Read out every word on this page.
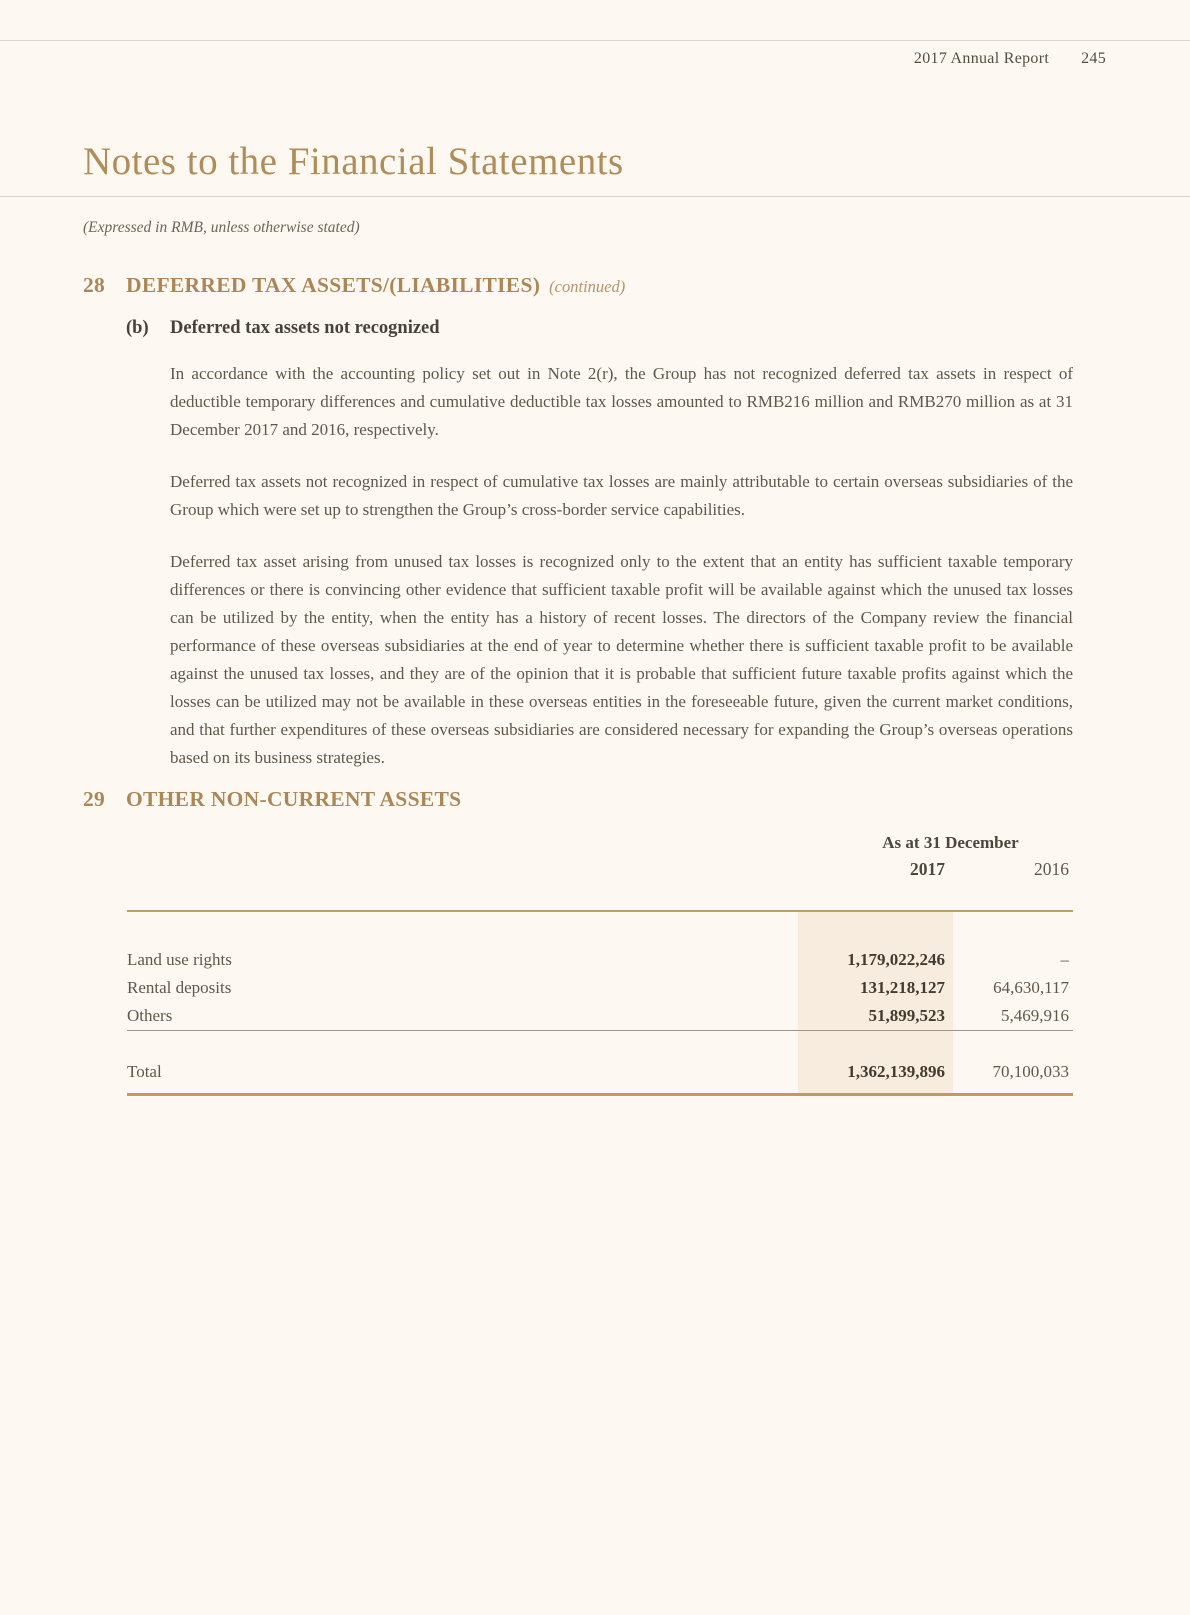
2017 Annual Report 245
Notes to the Financial Statements
(Expressed in RMB, unless otherwise stated)
28 DEFERRED TAX ASSETS/(LIABILITIES) (continued)
(b)	Deferred tax assets not recognized

In accordance with the accounting policy set out in Note 2(r), the Group has not recognized deferred tax assets in respect of deductible temporary differences and cumulative deductible tax losses amounted to RMB216 million and RMB270 million as at 31 December 2017 and 2016, respectively.

Deferred tax assets not recognized in respect of cumulative tax losses are mainly attributable to certain overseas subsidiaries of the Group which were set up to strengthen the Group’s cross-border service capabilities.

Deferred tax asset arising from unused tax losses is recognized only to the extent that an entity has sufficient taxable temporary differences or there is convincing other evidence that sufficient taxable profit will be available against which the unused tax losses can be utilized by the entity, when the entity has a history of recent losses. The directors of the Company review the financial performance of these overseas subsidiaries at the end of year to determine whether there is sufficient taxable profit to be available against the unused tax losses, and they are of the opinion that it is probable that sufficient future taxable profits against which the losses can be utilized may not be available in these overseas entities in the foreseeable future, given the current market conditions, and that further expenditures of these overseas subsidiaries are considered necessary for expanding the Group’s overseas operations based on its business strategies.

29 OTHER NON-CURRENT ASSETS
As at 31 December
2017	2016
Land use rights	1,179,022,246	–
Rental deposits	131,218,127	64,630,117
Others	51,899,523	5,469,916
Total	1,362,139,896	70,100,033
